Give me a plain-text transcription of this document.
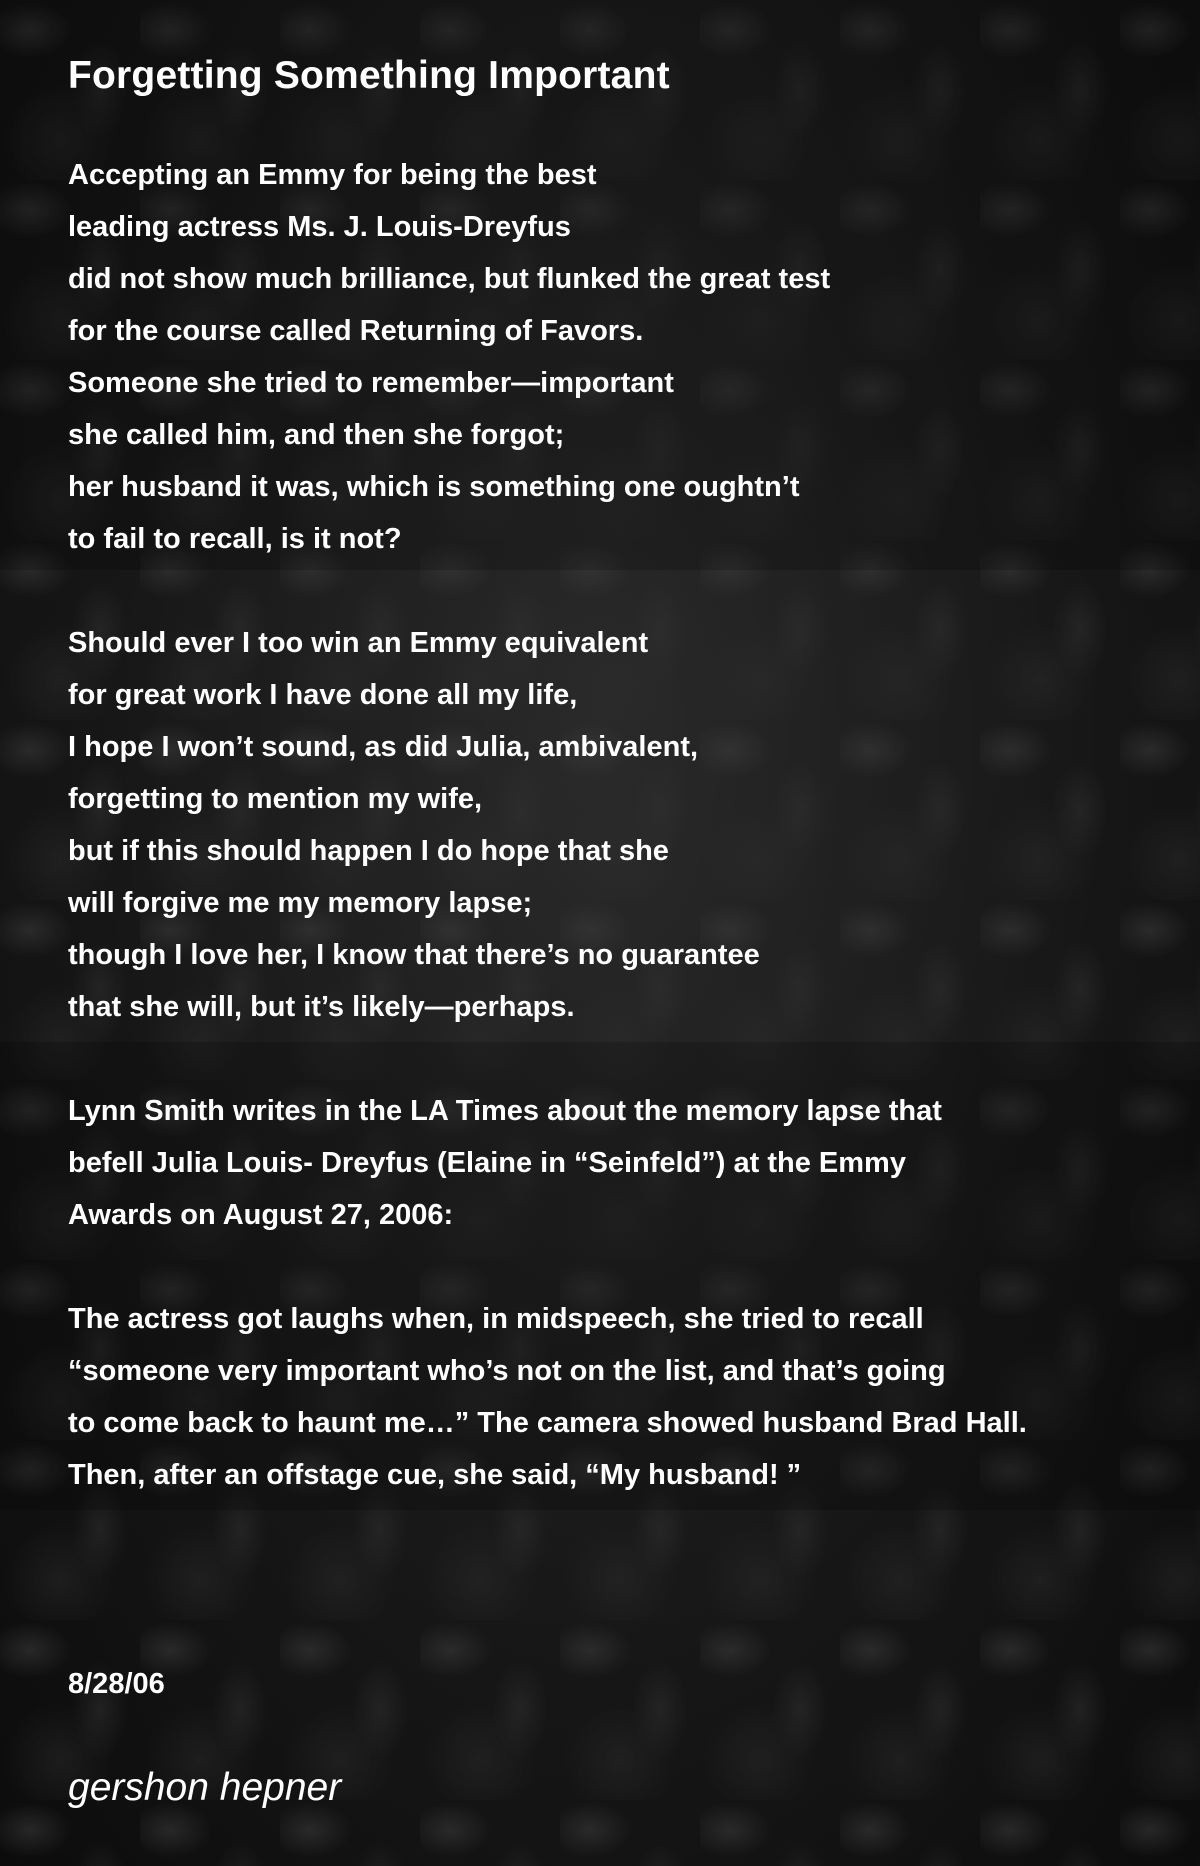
Forgetting Something Important
Accepting an Emmy for being the best
leading actress Ms. J. Louis-Dreyfus
did not show much brilliance, but flunked the great test
for the course called Returning of Favors.
Someone she tried to remember—important
she called him, and then she forgot;
her husband it was, which is something one oughtn’t
to fail to recall, is it not?
Should ever I too win an Emmy equivalent
for great work I have done all my life,
I hope I won’t sound, as did Julia, ambivalent,
forgetting to mention my wife,
but if this should happen I do hope that she
will forgive me my memory lapse;
though I love her, I know that there’s no guarantee
that she will, but it’s likely—perhaps.
Lynn Smith writes in the LA Times about the memory lapse that
befell Julia Louis- Dreyfus (Elaine in “Seinfeld”) at the Emmy
Awards on August 27, 2006:
The actress got laughs when, in midspeech, she tried to recall
“someone very important who’s not on the list, and that’s going
to come back to haunt me…” The camera showed husband Brad Hall.
Then, after an offstage cue, she said, “My husband! ”
8/28/06
gershon hepner
